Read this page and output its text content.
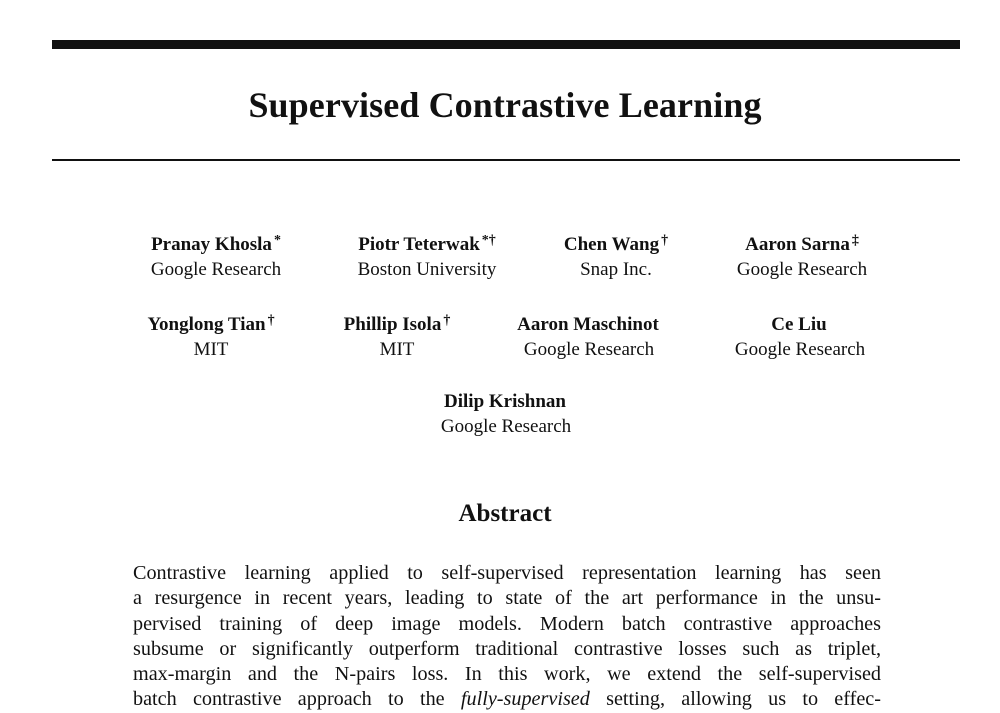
Supervised Contrastive Learning
Pranay Khosla *
Google Research
Piotr Teterwak *†
Boston University
Chen Wang †
Snap Inc.
Aaron Sarna ‡
Google Research
Yonglong Tian †
MIT
Phillip Isola †
MIT
Aaron Maschinot
Google Research
Ce Liu
Google Research
Dilip Krishnan
Google Research
Abstract
Contrastive learning applied to self-supervised representation learning has seen
a resurgence in recent years, leading to state of the art performance in the unsu-
pervised training of deep image models. Modern batch contrastive approaches
subsume or significantly outperform traditional contrastive losses such as triplet,
max-margin and the N-pairs loss. In this work, we extend the self-supervised
batch contrastive approach to the fully-supervised setting, allowing us to effec-
